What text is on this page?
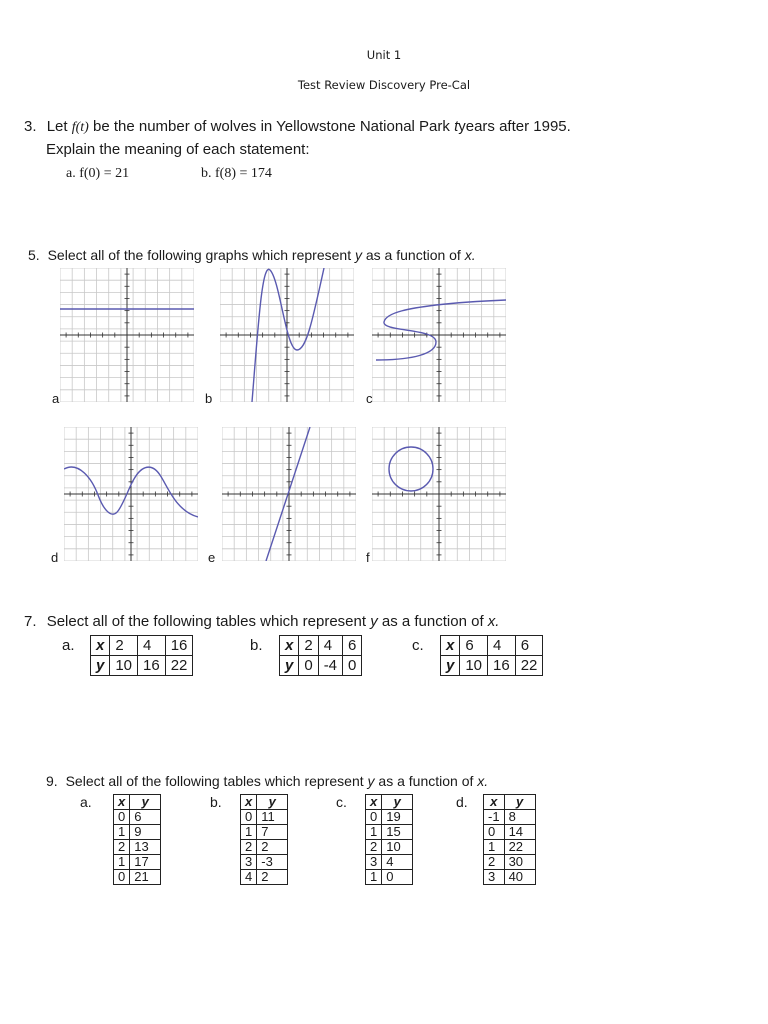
Unit 1
Test Review Discovery Pre-Cal
3. Let f(t) be the number of wolves in Yellowstone National Park tyears after 1995.
Explain the meaning of each statement:
a. f(0) = 21	b. f(8) = 174
5. Select all of the following graphs which represent y as a function of x.
a	b	c
d	e	f
7. Select all of the following tables which represent y as a function of x.
a. x	2	4	16
y	10	16	22
b. x	2	4	6
y	0	-4	0
c. x	6	4	6
y	10	16	22
9. Select all of the following tables which represent y as a function of x.
a. x	y
0	6
1	9
2	13
1	17
0	21
b. x	y
0	11
1	7
2	2
3	-3
4	2
c. x	y
0	19
1	15
2	10
3	4
1	0
d. x	y
-1	8
0	14
1	22
2	30
3	40
